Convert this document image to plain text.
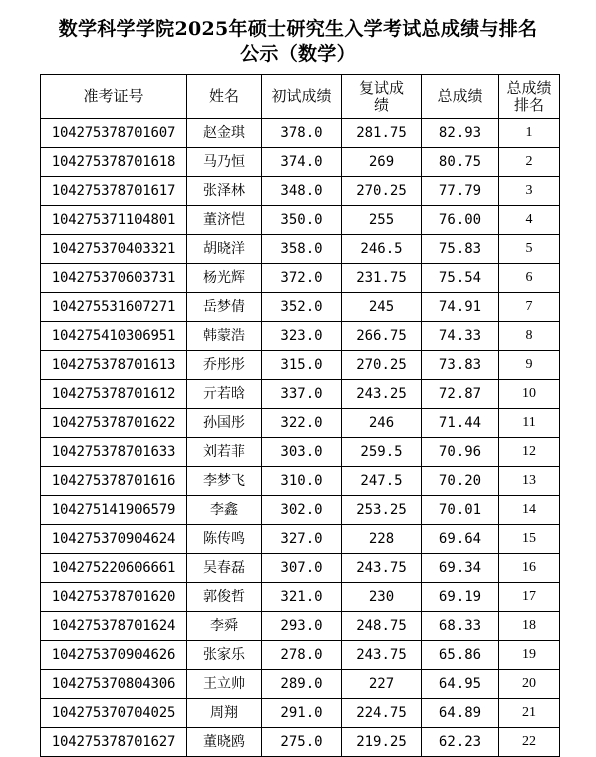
数学科学学院2025年硕士研究生入学考试总成绩与排名
公示（数学）
准考证号	姓名	初试成绩	复试成绩	总成绩	总成绩排名
104275378701607	赵金琪	378.0	281.75	82.93	1
104275378701618	马乃恒	374.0	269	80.75	2
104275378701617	张泽林	348.0	270.25	77.79	3
104275371104801	董济恺	350.0	255	76.00	4
104275370403321	胡晓洋	358.0	246.5	75.83	5
104275370603731	杨光辉	372.0	231.75	75.54	6
104275531607271	岳梦倩	352.0	245	74.91	7
104275410306951	韩蒙浩	323.0	266.75	74.33	8
104275378701613	乔彤彤	315.0	270.25	73.83	9
104275378701612	亓若晗	337.0	243.25	72.87	10
104275378701622	孙国彤	322.0	246	71.44	11
104275378701633	刘若菲	303.0	259.5	70.96	12
104275378701616	李梦飞	310.0	247.5	70.20	13
104275141906579	李鑫	302.0	253.25	70.01	14
104275370904624	陈传鸣	327.0	228	69.64	15
104275220606661	吴春磊	307.0	243.75	69.34	16
104275378701620	郭俊哲	321.0	230	69.19	17
104275378701624	李舜	293.0	248.75	68.33	18
104275370904626	张家乐	278.0	243.75	65.86	19
104275370804306	王立帅	289.0	227	64.95	20
104275370704025	周翔	291.0	224.75	64.89	21
104275378701627	董晓鸥	275.0	219.25	62.23	22
